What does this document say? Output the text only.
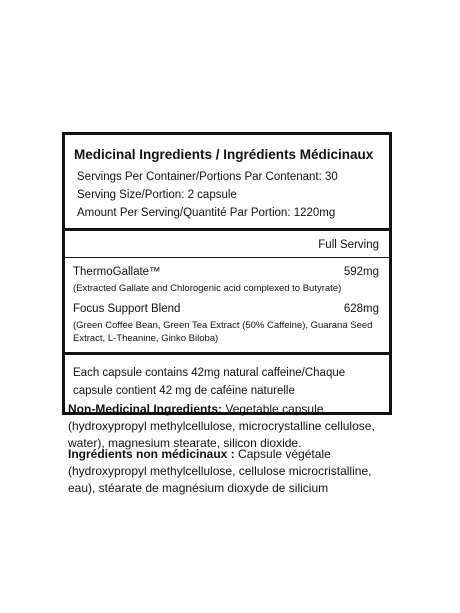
Medicinal Ingredients / Ingrédients Médicinaux
Servings Per Container/Portions Par Contenant: 30
Serving Size/Portion: 2 capsule
Amount Per Serving/Quantité Par Portion: 1220mg
Full Serving
ThermoGallate™	592mg
(Extracted Gallate and Chlorogenic acid complexed to Butyrate)
Focus Support Blend	628mg
(Green Coffee Bean, Green Tea Extract (50% Caffeine), Guarana Seed Extract, L-Theanine, Ginko Biloba)
Each capsule contains 42mg natural caffeine/Chaque capsule contient 42 mg de caféine naturelle
Non-Medicinal Ingredients: Vegetable capsule (hydroxypropyl methylcellulose, microcrystalline cellulose, water), magnesium stearate, silicon dioxide.
Ingrédients non médicinaux : Capsule végétale (hydroxypropyl methylcellulose, cellulose microcristalline, eau), stéarate de magnésium dioxyde de silicium
